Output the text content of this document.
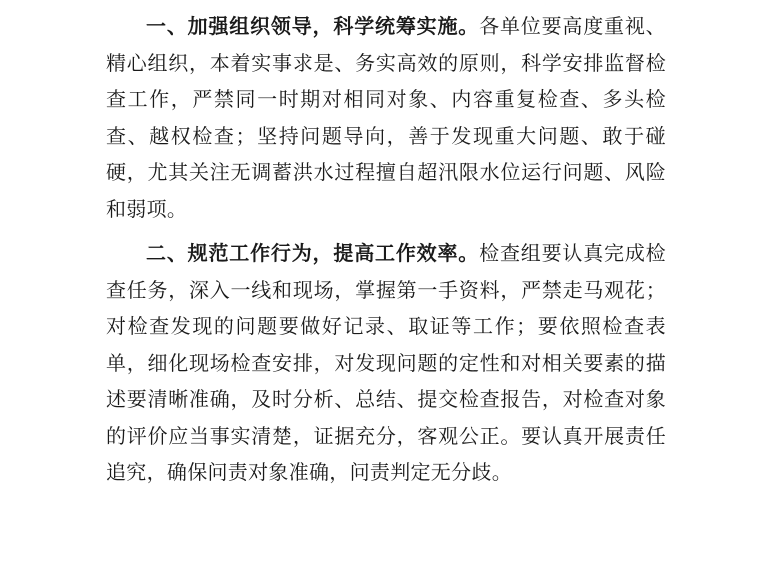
一、加强组织领导，科学统筹实施。各单位要高度重视、精心组织，本着实事求是、务实高效的原则，科学安排监督检查工作，严禁同一时期对相同对象、内容重复检查、多头检查、越权检查；坚持问题导向，善于发现重大问题、敢于碰硬，尤其关注无调蓄洪水过程擅自超汛限水位运行问题、风险和弱项。

二、规范工作行为，提高工作效率。检查组要认真完成检查任务，深入一线和现场，掌握第一手资料，严禁走马观花；对检查发现的问题要做好记录、取证等工作；要依照检查表单，细化现场检查安排，对发现问题的定性和对相关要素的描述要清晰准确，及时分析、总结、提交检查报告，对检查对象的评价应当事实清楚，证据充分，客观公正。要认真开展责任追究，确保问责对象准确，问责判定无分歧。
